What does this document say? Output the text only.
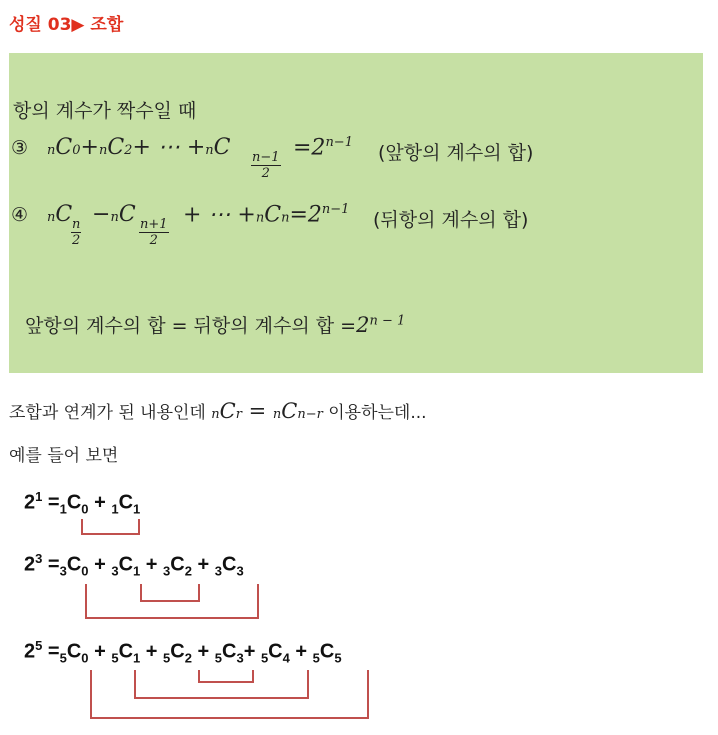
성질 03▶ 조합
항의 계수가 짝수일 때
③ nC0+nC2+ ⋯ +nC
$\frac{n-1}{2}$
$=2^{n-1}$ (앞항의 계수의 합)
④ nC
$\frac{n}{2}$
−nC
$\frac{n+1}{2}$
+ ⋯ $+nCn=2^{n-1}$ (뒤항의 계수의 합)
앞항의 계수의 합 = 뒤항의 계수의 합 $=2^{n - 1}$
조합과 연계가 된 내용인데 nCr = nCn−r 이용하는데...
예를 들어 보면
$2^1 =_1C_0 + _1C_1$
$2^3 =_3C_0 + _3C_1 + _3C_2 + _3C_3$
$2^5 =_5C_0 + _5C_1 + _5C_2 + _5C_3+ _5C_4 + _5C_5$
